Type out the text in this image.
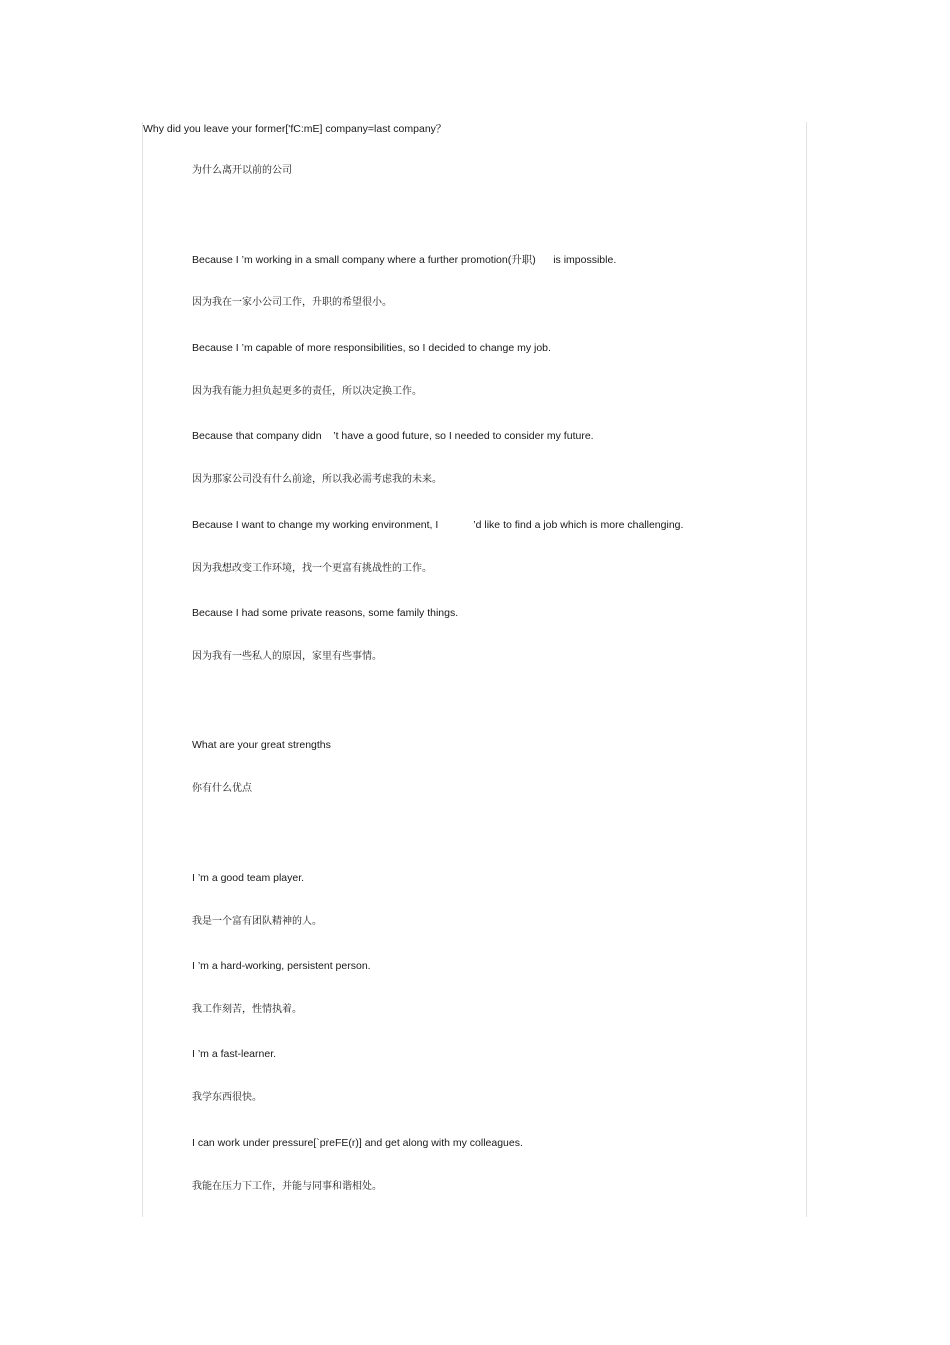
Why did you leave your former['fC:mE] company=last company？
为什么离开以前的公司
Because I ’m working in a small company where a further promotion(升职)      is impossible.
因为我在一家小公司工作，升职的希望很小。
Because I ’m capable of more responsibilities, so I decided to change my job.
因为我有能力担负起更多的责任，所以决定换工作。
Because that company didn    ’t have a good future, so I needed to consider my future.
因为那家公司没有什么前途，所以我必需考虑我的未来。
Because I want to change my working environment, I            ’d like to find a job which is more challenging.
因为我想改变工作环境，找一个更富有挑战性的工作。
Because I had some private reasons, some family things.
因为我有一些私人的原因，家里有些事情。
What are your great strengths
你有什么优点
I ’m a good team player.
我是一个富有团队精神的人。
I ’m a hard-working, persistent person.
我工作刻苦，性情执着。
I ’m a fast-learner.
我学东西很快。
I can work under pressure[`preFE(r)] and get along with my colleagues.
我能在压力下工作，并能与同事和谐相处。
